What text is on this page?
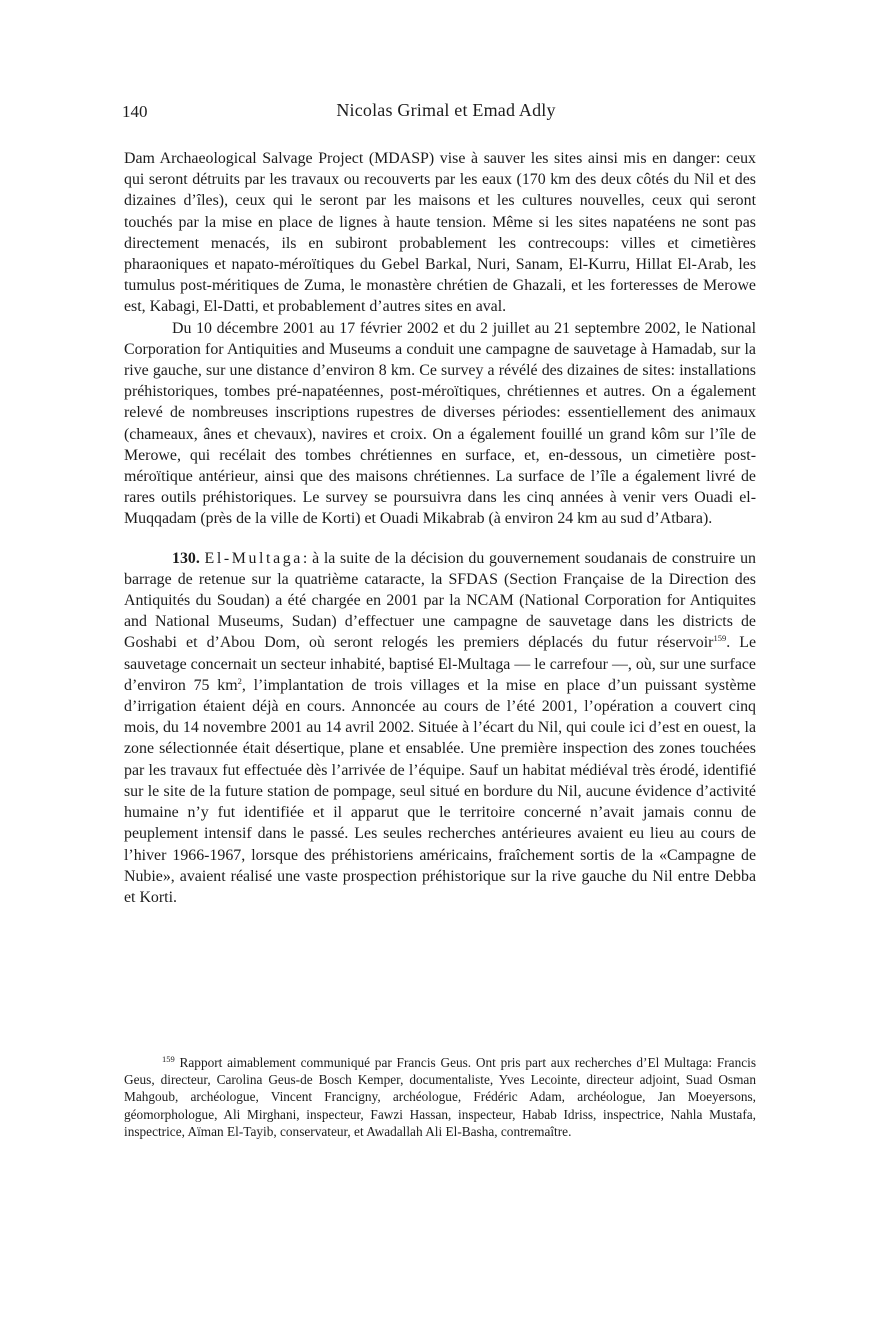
140	Nicolas Grimal et Emad Adly

Dam Archaeological Salvage Project (MDASP) vise à sauver les sites ainsi mis en danger: ceux qui seront détruits par les travaux ou recouverts par les eaux (170 km des deux côtés du Nil et des dizaines d’îles), ceux qui le seront par les maisons et les cultures nouvelles, ceux qui seront touchés par la mise en place de lignes à haute tension. Même si les sites napatéens ne sont pas directement menacés, ils en subiront probablement les contrecoups: villes et cimetières pharaoniques et napato-méroïtiques du Gebel Barkal, Nuri, Sanam, El-Kurru, Hillat El-Arab, les tumulus post-méritiques de Zuma, le monastère chrétien de Ghazali, et les forteresses de Merowe est, Kabagi, El-Datti, et probablement d’autres sites en aval.

Du 10 décembre 2001 au 17 février 2002 et du 2 juillet au 21 septembre 2002, le National Corporation for Antiquities and Museums a conduit une campagne de sauvetage à Hamadab, sur la rive gauche, sur une distance d’environ 8 km. Ce survey a révélé des dizaines de sites: installations préhistoriques, tombes pré-napatéennes, post-méroïtiques, chrétiennes et autres. On a également relevé de nombreuses inscriptions rupestres de diverses périodes: essentiellement des animaux (chameaux, ânes et chevaux), navires et croix. On a également fouillé un grand kôm sur l’île de Merowe, qui recélait des tombes chrétiennes en surface, et, en-dessous, un cimetière post-méroïtique antérieur, ainsi que des maisons chrétiennes. La surface de l’île a également livré de rares outils préhistoriques. Le survey se poursuivra dans les cinq années à venir vers Ouadi el-Muqqadam (près de la ville de Korti) et Ouadi Mikabrab (à environ 24 km au sud d’Atbara).

130. El-Multaga: à la suite de la décision du gouvernement soudanais de construire un barrage de retenue sur la quatrième cataracte, la SFDAS (Section Française de la Direction des Antiquités du Soudan) a été chargée en 2001 par la NCAM (National Corporation for Antiquites and National Museums, Sudan) d’effectuer une campagne de sauvetage dans les districts de Goshabi et d’Abou Dom, où seront relogés les premiers déplacés du futur réservoir$^{159}$. Le sauvetage concernait un secteur inhabité, baptisé El-Multaga — le carrefour —, où, sur une surface d’environ 75 $km^2$, l’implantation de trois villages et la mise en place d’un puissant système d’irrigation étaient déjà en cours. Annoncée au cours de l’été 2001, l’opération a couvert cinq mois, du 14 novembre 2001 au 14 avril 2002. Située à l’écart du Nil, qui coule ici d’est en ouest, la zone sélectionnée était désertique, plane et ensablée. Une première inspection des zones touchées par les travaux fut effectuée dès l’arrivée de l’équipe. Sauf un habitat médiéval très érodé, identifié sur le site de la future station de pompage, seul situé en bordure du Nil, aucune évidence d’activité humaine n’y fut identifiée et il apparut que le territoire concerné n’avait jamais connu de peuplement intensif dans le passé. Les seules recherches antérieures avaient eu lieu au cours de l’hiver 1966-1967, lorsque des préhistoriens américains, fraîchement sortis de la «Campagne de Nubie», avaient réalisé une vaste prospection préhistorique sur la rive gauche du Nil entre Debba et Korti.

$^{159}$ Rapport aimablement communiqué par Francis Geus. Ont pris part aux recherches d’El Multaga: Francis Geus, directeur, Carolina Geus-de Bosch Kemper, documentaliste, Yves Lecointe, directeur adjoint, Suad Osman Mahgoub, archéologue, Vincent Francigny, archéologue, Frédéric Adam, archéologue, Jan Moeyersons, géomorphologue, Ali Mirghani, inspecteur, Fawzi Hassan, inspecteur, Habab Idriss, inspectrice, Nahla Mustafa, inspectrice, Aïman El-Tayib, conservateur, et Awadallah Ali El-Basha, contremaître.
